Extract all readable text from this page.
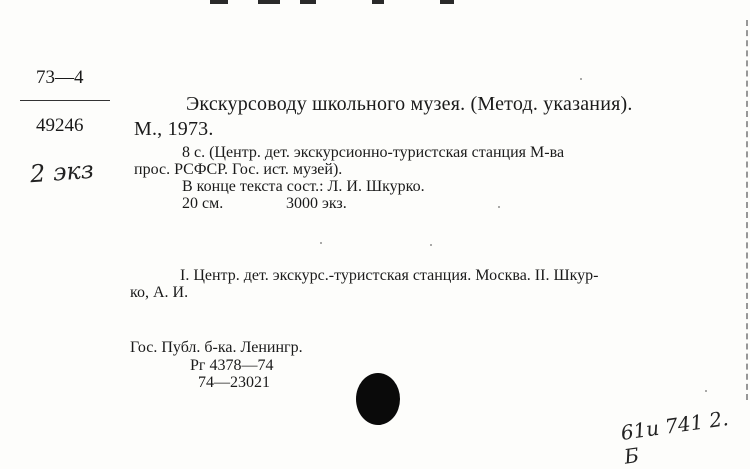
73—4
49246
2 экз
Экскурсоводу школьного музея. (Метод. указания).
М., 1973.
8 с. (Центр. дет. экскурсионно-туристская станция М-ва
прос. РСФСР. Гос. ист. музей).
В конце текста сост.: Л. И. Шкурко.
20 см.	3000 экз.
I. Центр. дет. экскурс.-туристская станция. Москва. II. Шкур-
ко, А. И.
Гос. Публ. б-ка. Ленингр.
Рг 4378—74
74—23021
61и 741 2. Б
